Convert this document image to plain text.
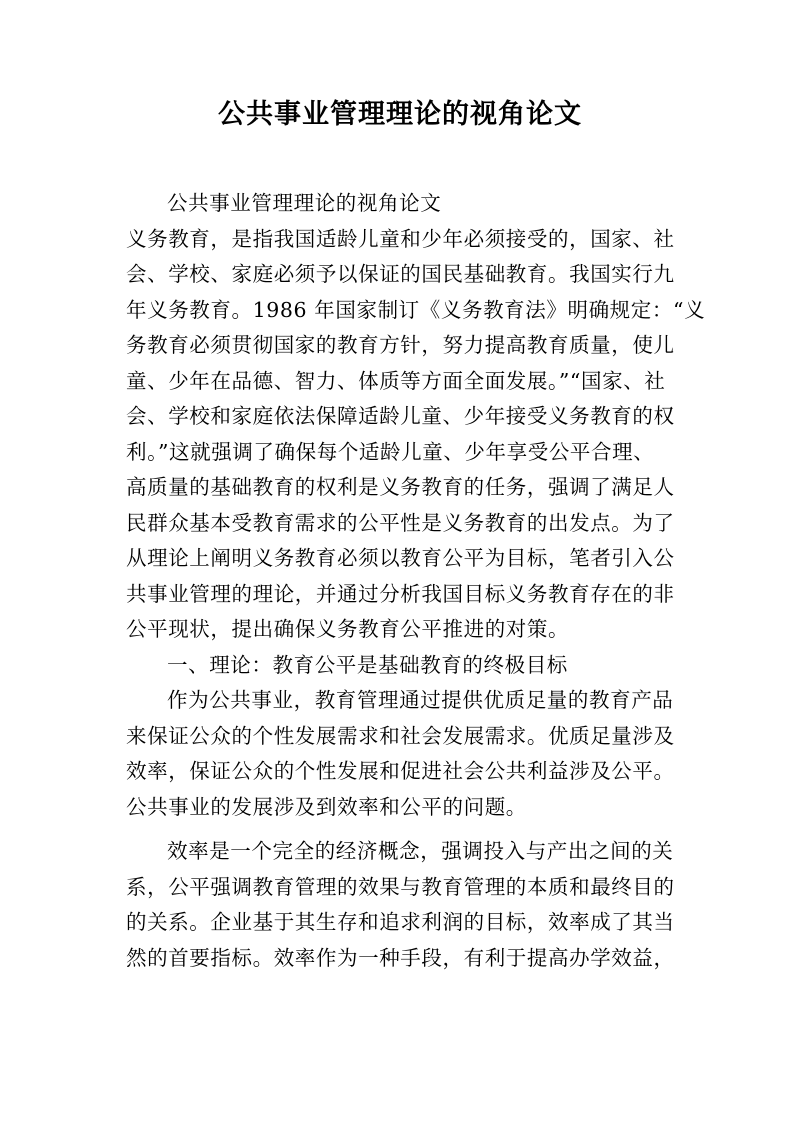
公共事业管理理论的视角论文
公共事业管理理论的视角论文
义务教育，是指我国适龄儿童和少年必须接受的，国家、社
会、学校、家庭必须予以保证的国民基础教育。我国实行九
年义务教育。1986 年国家制订《义务教育法》明确规定：“义
务教育必须贯彻国家的教育方针，努力提高教育质量，使儿
童、少年在品德、智力、体质等方面全面发展。”“国家、社
会、学校和家庭依法保障适龄儿童、少年接受义务教育的权
利。”这就强调了确保每个适龄儿童、少年享受公平合理、
高质量的基础教育的权利是义务教育的任务，强调了满足人
民群众基本受教育需求的公平性是义务教育的出发点。为了
从理论上阐明义务教育必须以教育公平为目标，笔者引入公
共事业管理的理论，并通过分析我国目标义务教育存在的非
公平现状，提出确保义务教育公平推进的对策。
一、理论：教育公平是基础教育的终极目标
作为公共事业，教育管理通过提供优质足量的教育产品
来保证公众的个性发展需求和社会发展需求。优质足量涉及
效率，保证公众的个性发展和促进社会公共利益涉及公平。
公共事业的发展涉及到效率和公平的问题。
效率是一个完全的经济概念，强调投入与产出之间的关
系，公平强调教育管理的效果与教育管理的本质和最终目的
的关系。企业基于其生存和追求利润的目标，效率成了其当
然的首要指标。效率作为一种手段，有利于提高办学效益，
